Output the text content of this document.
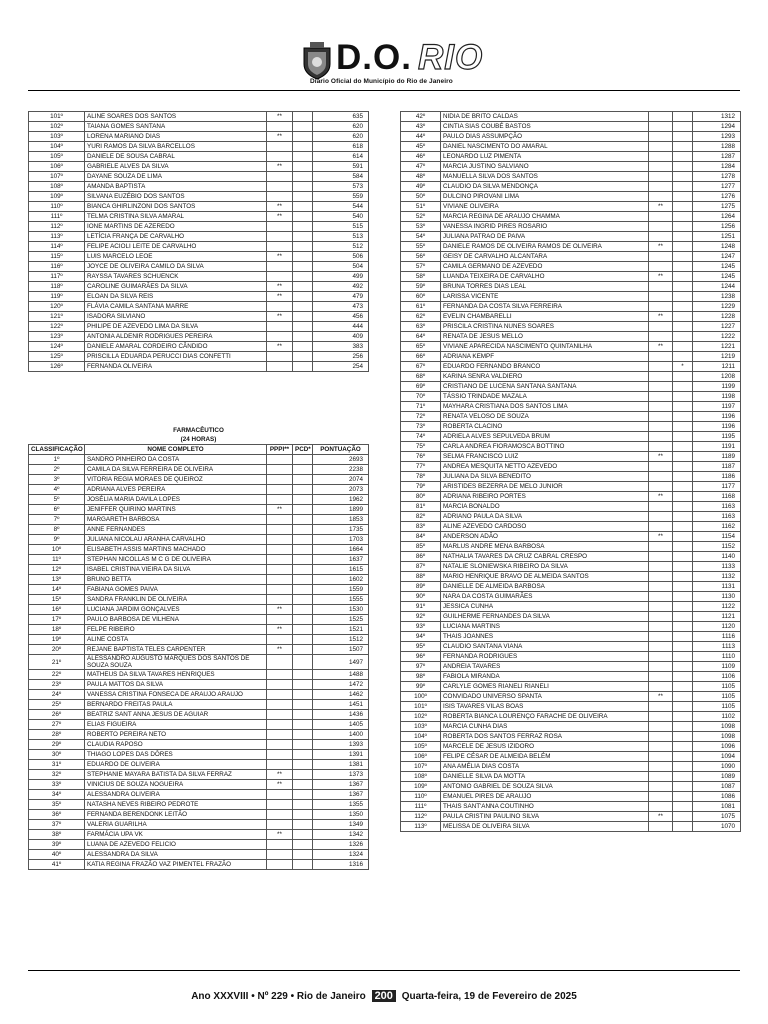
D.O. RIO
Diário Oficial do Município do Rio de Janeiro
101º	ALINE SOARES DOS SANTOS	**		635
102º	TAIANA GOMES SANTANA			620
103º	LORENA MARIANO DIAS	**		620
104º	YURI RAMOS DA SILVA BARCELLOS			618
105º	DANIELE DE SOUSA CABRAL			614
106º	GABRIELE ALVES DA SILVA	**		591
107º	DAYANE SOUZA DE LIMA			584
108º	AMANDA BAPTISTA			573
109º	SILVANA EUZÉBIO DOS SANTOS			559
110º	BIANCA GHIRLINZONI DOS SANTOS	**		544
111º	TELMA CRISTINA SILVA AMARAL	**		540
112º	IONE MARTINS DE AZEREDO			515
113º	LETÍCIA FRANÇA DE CARVALHO			513
114º	FELIPE ACIOLI LEITE DE CARVALHO			512
115º	LUIS MARCELO LEOE	**		506
116º	JOYCE DE OLIVEIRA CAMILO DA SILVA			504
117º	RAYSSA TAVARES SCHUENCK			499
118º	CAROLINE GUIMARÃES DA SILVA	**		492
119º	ELOAN DA SILVA REIS	**		479
120º	FLÁVIA CAMILA SANTANA MARRE			473
121º	ISADORA SILVIANO	**		456
122º	PHILIPE DE AZEVEDO LIMA DA SILVA			444
123º	ANTONIA ALDENIR RODRIGUES PEREIRA			409
124º	DANIELE AMARAL CORDEIRO CÂNDIDO	**		383
125º	PRISCILLA EDUARDA PERUCCI DIAS CONFETTI			256
126º	FERNANDA OLIVEIRA			254
FARMACÊUTICO				
(24 HORAS)				
CLASSIFICAÇÃO	NOME COMPLETO	PPPI**	PCD*	PONTUAÇÃO
1º	SANDRO PINHEIRO DA COSTA			2693
2º	CAMILA DA SILVA FERREIRA DE OLIVEIRA			2238
3º	VITORIA REGIA MORAES DE QUEIROZ			2074
4º	ADRIANA ALVES PEREIRA			2073
5º	JOSÉLIA MARIA DAVILA LOPES			1962
6º	JENIFFER QUIRINO MARTINS	**		1899
7º	MARGARETH BARBOSA			1853
8º	ANNE FERNANDES			1735
9º	JULIANA NICOLAU ARANHA CARVALHO			1703
10º	ELISABETH ASSIS MARTINS MACHADO			1664
11º	STEPHAN NICOLLAS M C G DE OLIVEIRA			1637
12º	ISABEL CRISTINA VIEIRA DA SILVA			1615
13º	BRUNO BETTA			1602
14º	FABIANA GOMES PAIVA			1559
15º	SANDRA FRANKLIN DE OLIVEIRA			1555
16º	LUCIANA JARDIM GONÇALVES	**		1530
17º	PAULO BARBOSA DE VILHENA			1525
18º	FELPE RIBEIRO	**		1521
19º	ALINE COSTA			1512
20º	REJANE BAPTISTA TELES CARPENTER	**		1507
21º	ALESSANDRO AUGUSTO MARQUES DOS SANTOS DE SOUZA SOUZA			1497
22º	MATHEUS DA SILVA TAVARES HENRIQUES			1488
23º	PAULA MATTOS DA SILVA			1472
24º	VANESSA CRISTINA FONSECA DE ARAUJO ARAUJO			1462
25º	BERNARDO FREITAS PAULA			1451
26º	BEATRIZ SANT ANNA JESUS DE AGUIAR			1436
27º	ELIAS FIGUEIRA			1405
28º	ROBERTO PEREIRA NETO			1400
29º	CLAUDIA RAPOSO			1393
30º	THIAGO LOPES DAS DÔRES			1391
31º	EDUARDO DE OLIVEIRA			1381
32º	STEPHANIE MAYARA BATISTA DA SILVA FERRAZ	**		1373
33º	VINICIUS DE SOUZA NOGUEIRA	**		1367
34º	ALESSANDRA OLIVEIRA			1367
35º	NATASHA NEVES RIBEIRO PEDROTE			1355
36º	FERNANDA BERENDONK LEITÃO			1350
37º	VALERIA GUARILHA			1349
38º	FARMÁCIA UPA VK	**		1342
39º	LUANA DE AZEVEDO FELICIO			1326
40º	ALESSANDRA DA SILVA			1324
41º	KATIA REGINA FRAZÃO VAZ PIMENTEL FRAZÃO			1316
42º	NIDIA DE BRITO CALDAS			1312
43º	CINTIA SIAS COUBÉ BASTOS			1294
44º	PAULO DIAS ASSUMPÇÃO			1293
45º	DANIEL NASCIMENTO DO AMARAL			1288
46º	LEONARDO LUZ PIMENTA			1287
47º	MARCIA JUSTINO SALVIANO			1284
48º	MANUELLA SILVA DOS SANTOS			1278
49º	CLAUDIO DA SILVA MENDONÇA			1277
50º	DULCINO PIROVANI LIMA			1276
51º	VIVIANE OLIVEIRA	**		1275
52º	MARCIA REGINA DE ARAUJO CHAMMA			1264
53º	VANESSA INGRID PIRES ROSARIO			1256
54º	JULIANA PATRAO DE PAIVA			1251
55º	DANIELE RAMOS DE OLIVEIRA RAMOS DE OLIVEIRA	**		1248
56º	GEISY DE CARVALHO ALCANTARA			1247
57º	CAMILA GERMANO DE AZEVEDO			1245
58º	LUANDA TEIXEIRA DE CARVALHO	**		1245
59º	BRUNA TORRES DIAS LEAL			1244
60º	LARISSA VICENTE			1238
61º	FERNANDA DA COSTA SILVA FERREIRA			1229
62º	EVELIN CHAMBARELLI	**		1228
63º	PRISCILA CRISTINA NUNES SOARES			1227
64º	RENATA DE JESUS MELLO			1222
65º	VIVIANE APARECIDA NASCIMENTO QUINTANILHA	**		1221
66º	ADRIANA KEMPF			1219
67º	EDUARDO FERNANDO BRANCO		*	1211
68º	KARINA SENRA VALDIERO			1208
69º	CRISTIANO DE LUCENA SANTANA SANTANA			1199
70º	TÁSSIO TRINDADE MAZALA			1198
71º	MAYHARA CRISTIANA DOS SANTOS LIMA			1197
72º	RENATA VELOSO DE SOUZA			1196
73º	ROBERTA CLACINO			1196
74º	ADRIELA ALVES SEPULVEDA BRUM			1195
75º	CARLA ANDREA FIORAMOSCA BOTTINO			1191
76º	SELMA FRANCISCO LUIZ	**		1189
77º	ANDREA MESQUITA NETTO AZEVEDO			1187
78º	JULIANA DA SILVA BENEDITO			1186
79º	ARISTIDES BEZERRA DE MELO JUNIOR			1177
80º	ADRIANA RIBEIRO PORTES	**		1168
81º	MARCIA BONALDO			1163
82º	ADRIANO PAULA DA SILVA			1163
83º	ALINE AZEVEDO CARDOSO			1162
84º	ANDERSON ADÃO	**		1154
85º	MARLUS ANDRE MENA BARBOSA			1152
86º	NATHALIA TAVARES DA CRUZ CABRAL CRESPO			1140
87º	NATALIE SLONIEWSKA RIBEIRO DA SILVA			1133
88º	MARIO HENRIQUE BRAVO DE ALMEIDA SANTOS			1132
89º	DANIELLE DE ALMEIDA BARBOSA			1131
90º	NARA DA COSTA GUIMARÃES			1130
91º	JESSICA CUNHA			1122
92º	GUILHERME FERNANDES DA SILVA			1121
93º	LUCIANA MARTINS			1120
94º	THAIS JOANNES			1116
95º	CLAUDIO SANTANA VIANA			1113
96º	FERNANDA RODRIGUES			1110
97º	ANDREIA TAVARES			1109
98º	FABIOLA MIRANDA			1106
99º	CARLYLE GOMES RIANELI RIANELI			1105
100º	CONVIDADO UNIVERSO SPANTA	**		1105
101º	ISIS TAVARES VILAS BOAS			1105
102º	ROBERTA BIANCA LOURENÇO FARACHE DE OLIVEIRA			1102
103º	MARCIA CUNHA DIAS			1098
104º	ROBERTA DOS SANTOS FERRAZ ROSA			1098
105º	MARCELE DE JESUS IZIDORO			1096
106º	FELIPE CÉSAR DE ALMEIDA BELÉM			1094
107º	ANA AMÉLIA DIAS COSTA			1090
108º	DANIELLE SILVA DA MOTTA			1089
109º	ANTONIO GABRIEL DE SOUZA SILVA			1087
110º	EMANUEL PIRES DE ARAUJO			1086
111º	THAIS SANT'ANNA COUTINHO			1081
112º	PAULA CRISTINI PAULINO SILVA	**		1075
113º	MELISSA DE OLIVEIRA SILVA			1070
Ano XXXVIII • Nº 229 • Rio de Janeiro 200 Quarta-feira, 19 de Fevereiro de 2025
